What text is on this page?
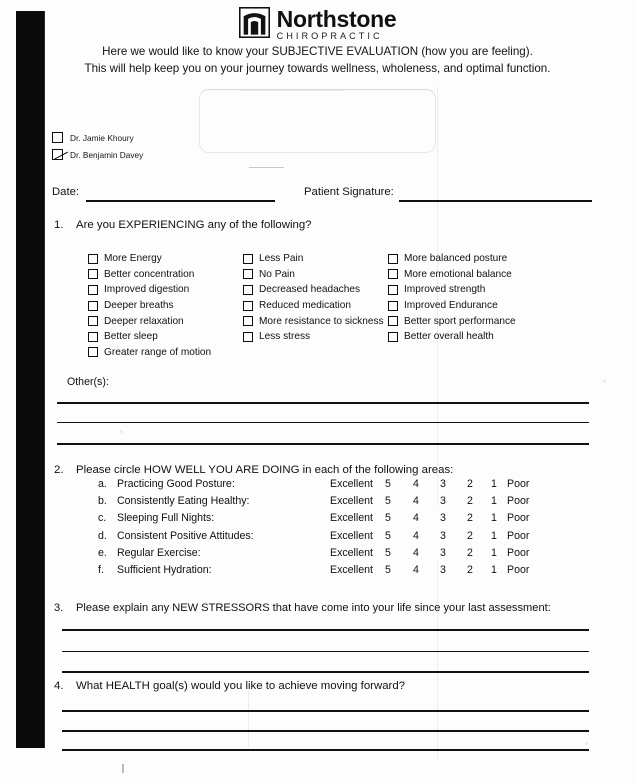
Northstone
CHIROPRACTIC
Here we would like to know your SUBJECTIVE EVALUATION (how you are feeling).
This will help keep you on your journey towards wellness, wholeness, and optimal function.
Dr. Jamie Khoury
Dr. Benjamin Davey
Date:	Patient Signature:
1. Are you EXPERIENCING any of the following?
More Energy
Better concentration
Improved digestion
Deeper breaths
Deeper relaxation
Better sleep
Greater range of motion
Less Pain
No Pain
Decreased headaches
Reduced medication
More resistance to sickness
Less stress
More balanced posture
More emotional balance
Improved strength
Improved Endurance
Better sport performance
Better overall health
Other(s):
2. Please circle HOW WELL YOU ARE DOING in each of the following areas:
a. Practicing Good Posture:	Excellent 5 4 3 2 1 Poor
b. Consistently Eating Healthy:	Excellent 5 4 3 2 1 Poor
c. Sleeping Full Nights:	Excellent 5 4 3 2 1 Poor
d. Consistent Positive Attitudes:	Excellent 5 4 3 2 1 Poor
e. Regular Exercise:	Excellent 5 4 3 2 1 Poor
f. Sufficient Hydration:	Excellent 5 4 3 2 1 Poor
3. Please explain any NEW STRESSORS that have come into your life since your last assessment:
4. What HEALTH goal(s) would you like to achieve moving forward?
